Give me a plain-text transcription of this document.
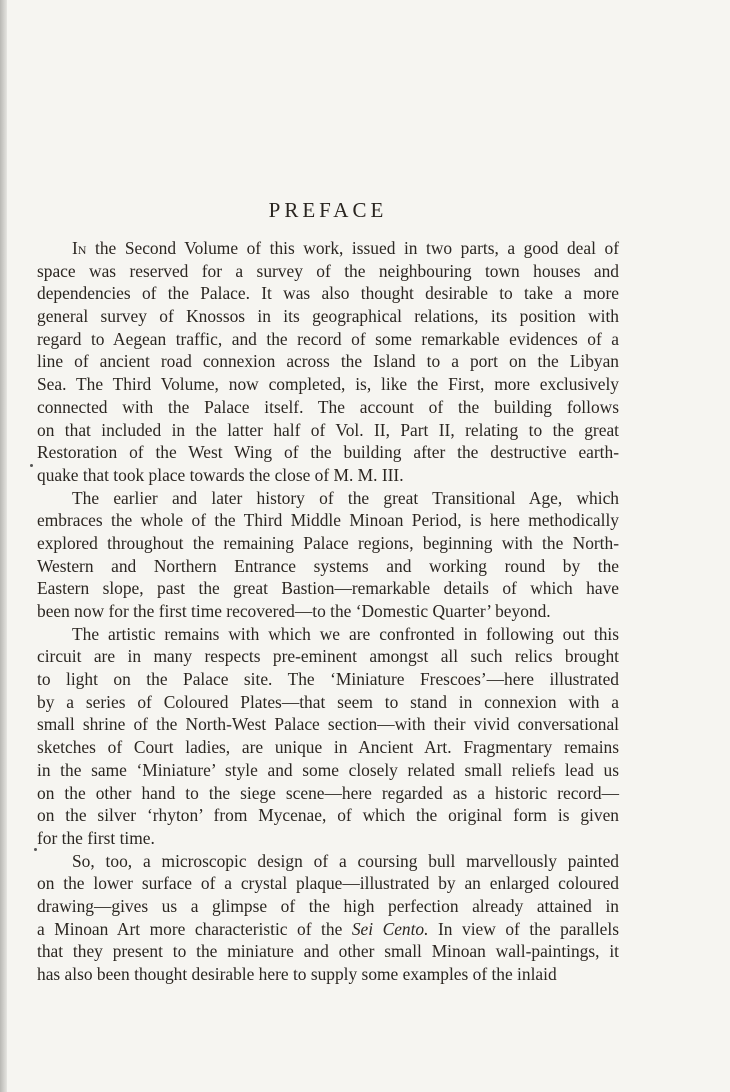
PREFACE
In the Second Volume of this work, issued in two parts, a good deal of
space was reserved for a survey of the neighbouring town houses and
dependencies of the Palace. It was also thought desirable to take a more
general survey of Knossos in its geographical relations, its position with
regard to Aegean traffic, and the record of some remarkable evidences of a
line of ancient road connexion across the Island to a port on the Libyan
Sea. The Third Volume, now completed, is, like the First, more exclusively
connected with the Palace itself. The account of the building follows
on that included in the latter half of Vol. II, Part II, relating to the great
Restoration of the West Wing of the building after the destructive earth-
quake that took place towards the close of M. M. III.
The earlier and later history of the great Transitional Age, which
embraces the whole of the Third Middle Minoan Period, is here methodically
explored throughout the remaining Palace regions, beginning with the North-
Western and Northern Entrance systems and working round by the
Eastern slope, past the great Bastion—remarkable details of which have
been now for the first time recovered—to the ‘Domestic Quarter’ beyond.
The artistic remains with which we are confronted in following out this
circuit are in many respects pre-eminent amongst all such relics brought
to light on the Palace site. The ‘Miniature Frescoes’—here illustrated
by a series of Coloured Plates—that seem to stand in connexion with a
small shrine of the North-West Palace section—with their vivid conversational
sketches of Court ladies, are unique in Ancient Art. Fragmentary remains
in the same ‘Miniature’ style and some closely related small reliefs lead us
on the other hand to the siege scene—here regarded as a historic record—
on the silver ‘rhyton’ from Mycenae, of which the original form is given
for the first time.
So, too, a microscopic design of a coursing bull marvellously painted
on the lower surface of a crystal plaque—illustrated by an enlarged coloured
drawing—gives us a glimpse of the high perfection already attained in
a Minoan Art more characteristic of the Sei Cento. In view of the parallels
that they present to the miniature and other small Minoan wall-paintings, it
has also been thought desirable here to supply some examples of the inlaid
